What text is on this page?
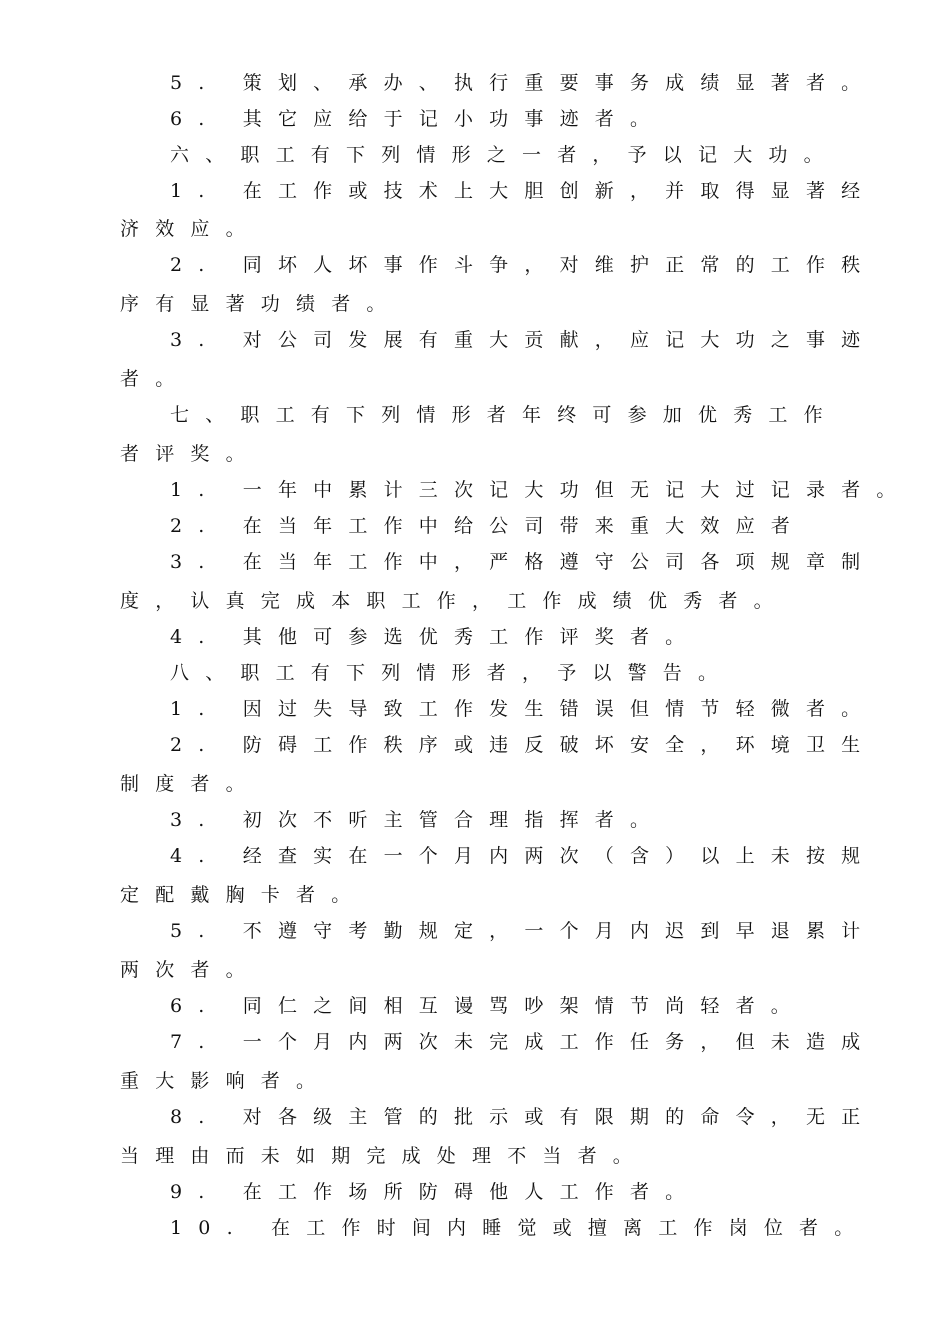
5. 策划、承办、执行重要事务成绩显著者。
6. 其它应给于记小功事迹者。
六、职工有下列情形之一者，予以记大功。
1. 在工作或技术上大胆创新，并取得显著经
济效应。
2. 同坏人坏事作斗争，对维护正常的工作秩
序有显著功绩者。
3. 对公司发展有重大贡献，应记大功之事迹
者。
七、职工有下列情形者年终可参加优秀工作
者评奖。
1. 一年中累计三次记大功但无记大过记录者。
2. 在当年工作中给公司带来重大效应者
3. 在当年工作中，严格遵守公司各项规章制
度，认真完成本职工作，工作成绩优秀者。
4. 其他可参选优秀工作评奖者。
八、职工有下列情形者，予以警告。
1. 因过失导致工作发生错误但情节轻微者。
2. 防碍工作秩序或违反破坏安全，环境卫生
制度者。
3. 初次不听主管合理指挥者。
4. 经查实在一个月内两次（含）以上未按规
定配戴胸卡者。
5. 不遵守考勤规定，一个月内迟到早退累计
两次者。
6. 同仁之间相互谩骂吵架情节尚轻者。
7. 一个月内两次未完成工作任务，但未造成
重大影响者。
8. 对各级主管的批示或有限期的命令，无正
当理由而未如期完成处理不当者。
9. 在工作场所防碍他人工作者。
10. 在工作时间内睡觉或擅离工作岗位者。
